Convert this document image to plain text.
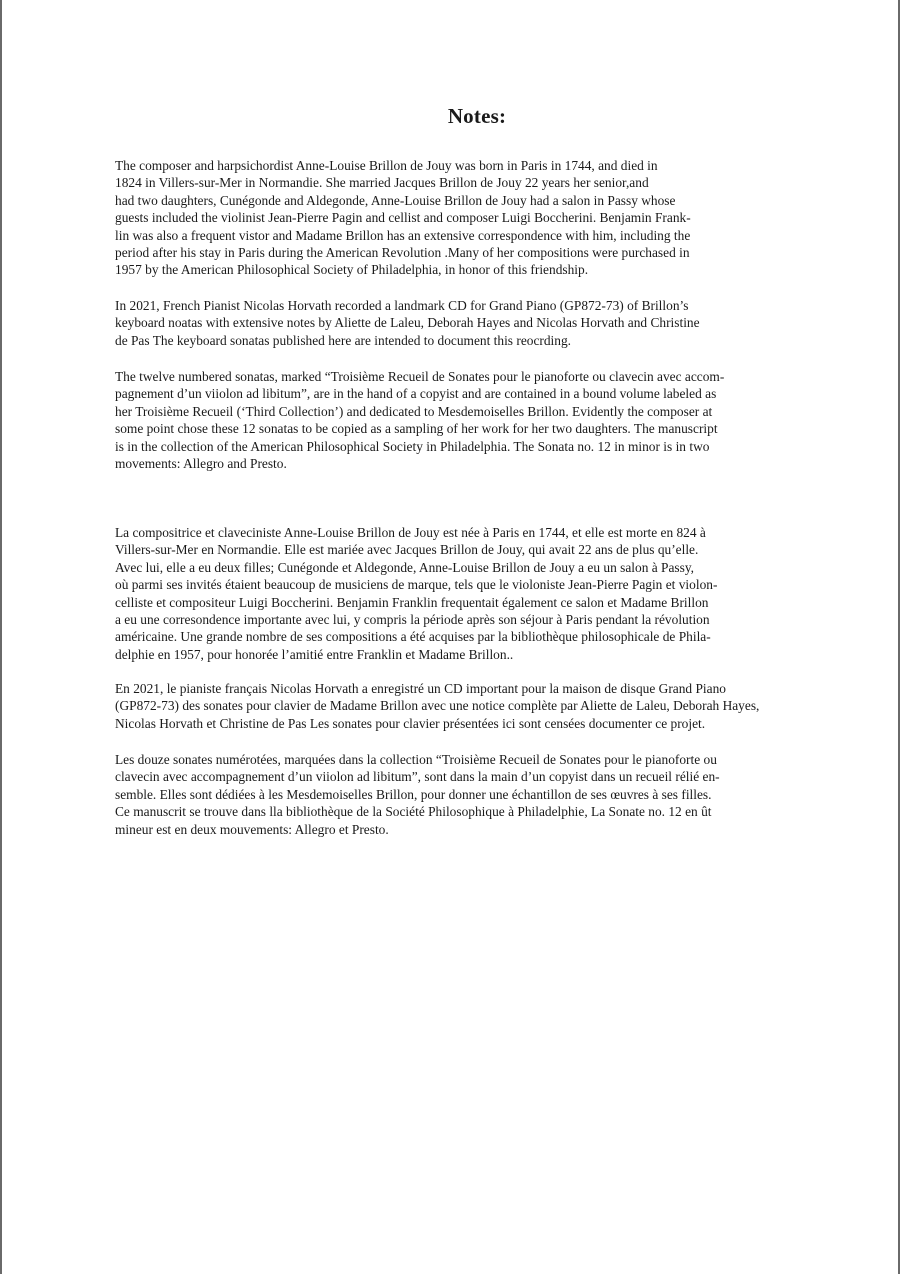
Notes:

The composer and harpsichordist Anne-Louise Brillon de Jouy was born in Paris in 1744, and died in
1824 in Villers-sur-Mer in Normandie. She married Jacques Brillon de Jouy 22 years her senior,and
had two daughters, Cunégonde and Aldegonde, Anne-Louise Brillon de Jouy had a salon in Passy whose
guests included the violinist Jean-Pierre Pagin and cellist and composer Luigi Boccherini. Benjamin Frank-
lin was also a frequent vistor and Madame Brillon has an extensive correspondence with him, including the
period after his stay in Paris during the American Revolution .Many of her compositions were purchased in
1957 by the American Philosophical Society of Philadelphia, in honor of this friendship.

In 2021, French Pianist Nicolas Horvath recorded a landmark CD for Grand Piano (GP872-73) of Brillon’s
keyboard noatas with extensive notes by Aliette de Laleu, Deborah Hayes and Nicolas Horvath and Christine
de Pas The keyboard sonatas published here are intended to document this reocrding.

The twelve numbered sonatas, marked “Troisième Recueil de Sonates pour le pianoforte ou clavecin avec accom-
pagnement d’un viiolon ad libitum”, are in the hand of a copyist and are contained in a bound volume labeled as
her Troisième Recueil (‘Third Collection’) and dedicated to Mesdemoiselles Brillon. Evidently the composer at
some point chose these 12 sonatas to be copied as a sampling of her work for her two daughters. The manuscript
is in the collection of the American Philosophical Society in Philadelphia. The Sonata no. 12 in minor is in two
movements: Allegro and Presto.

La compositrice et claveciniste Anne-Louise Brillon de Jouy est née à Paris en 1744, et elle est morte en 824 à
Villers-sur-Mer en Normandie. Elle est mariée avec Jacques Brillon de Jouy, qui avait 22 ans de plus qu’elle.
Avec lui, elle a eu deux filles; Cunégonde et Aldegonde, Anne-Louise Brillon de Jouy a eu un salon à Passy,
où parmi ses invités étaient beaucoup de musiciens de marque, tels que le violoniste Jean-Pierre Pagin et violon-
celliste et compositeur Luigi Boccherini. Benjamin Franklin frequentait également ce salon et Madame Brillon
a eu une corresondence importante avec lui, y compris la période après son séjour à Paris pendant la révolution
américaine. Une grande nombre de ses compositions a été acquises par la bibliothèque philosophicale de Phila-
delphie en 1957, pour honorée l’amitié entre Franklin et Madame Brillon..

En 2021, le pianiste français Nicolas Horvath a enregistré un CD important pour la maison de disque Grand Piano
(GP872-73) des sonates pour clavier de Madame Brillon avec une notice complète par Aliette de Laleu, Deborah Hayes,
Nicolas Horvath et Christine de Pas Les sonates pour clavier présentées ici sont censées documenter ce projet.

Les douze sonates numérotées, marquées dans la collection “Troisième Recueil de Sonates pour le pianoforte ou
clavecin avec accompagnement d’un viiolon ad libitum”, sont dans la main d’un copyist dans un recueil rélié en-
semble. Elles sont dédiées à les Mesdemoiselles Brillon, pour donner une échantillon de ses œuvres à ses filles.
Ce manuscrit se trouve dans lla bibliothèque de la Société Philosophique à Philadelphie, La Sonate no. 12 en ût
mineur est en deux mouvements: Allegro et Presto.
